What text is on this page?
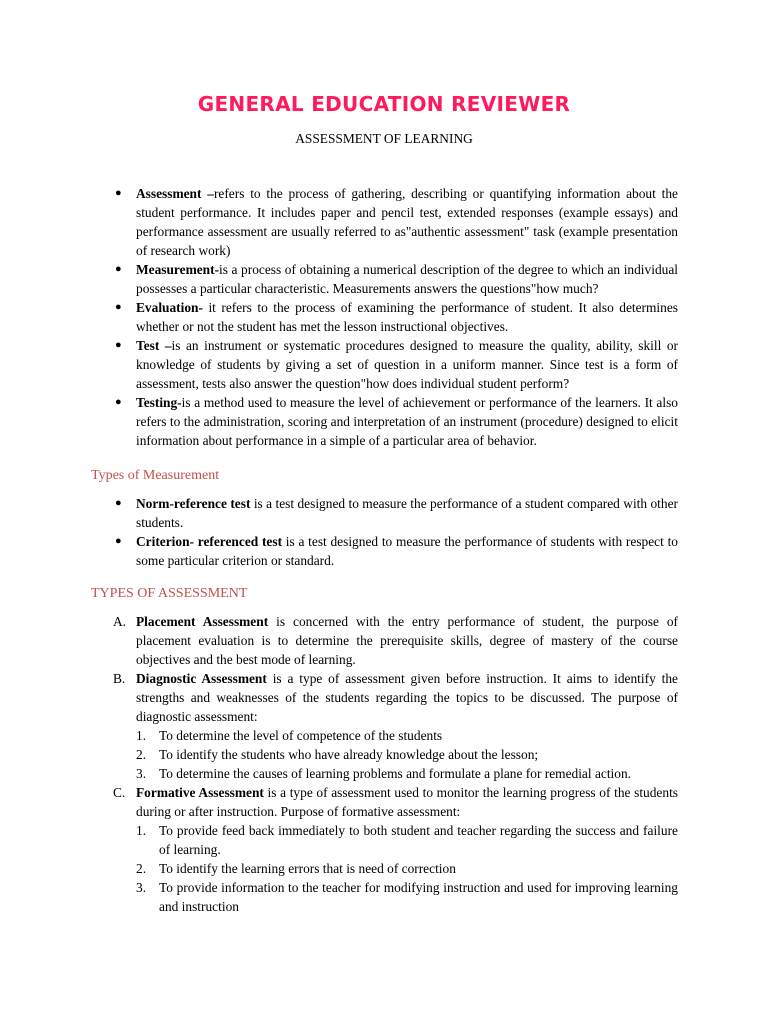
GENERAL EDUCATION REVIEWER
ASSESSMENT OF LEARNING
● Assessment –refers to the process of gathering, describing or quantifying information about the student performance. It includes paper and pencil test, extended responses (example essays) and performance assessment are usually referred to as"authentic assessment" task (example presentation of research work)
● Measurement-is a process of obtaining a numerical description of the degree to which an individual possesses a particular characteristic. Measurements answers the questions"how much?
● Evaluation- it refers to the process of examining the performance of student. It also determines whether or not the student has met the lesson instructional objectives.
● Test –is an instrument or systematic procedures designed to measure the quality, ability, skill or knowledge of students by giving a set of question in a uniform manner. Since test is a form of assessment, tests also answer the question"how does individual student perform?
● Testing-is a method used to measure the level of achievement or performance of the learners. It also refers to the administration, scoring and interpretation of an instrument (procedure) designed to elicit information about performance in a simple of a particular area of behavior.
Types of Measurement
● Norm-reference test is a test designed to measure the performance of a student compared with other students.
● Criterion- referenced test is a test designed to measure the performance of students with respect to some particular criterion or standard.
TYPES OF ASSESSMENT
A. Placement Assessment is concerned with the entry performance of student, the purpose of placement evaluation is to determine the prerequisite skills, degree of mastery of the course objectives and the best mode of learning.
B. Diagnostic Assessment is a type of assessment given before instruction. It aims to identify the strengths and weaknesses of the students regarding the topics to be discussed. The purpose of diagnostic assessment:
1. To determine the level of competence of the students
2. To identify the students who have already knowledge about the lesson;
3. To determine the causes of learning problems and formulate a plane for remedial action.
C. Formative Assessment is a type of assessment used to monitor the learning progress of the students during or after instruction. Purpose of formative assessment:
1. To provide feed back immediately to both student and teacher regarding the success and failure of learning.
2. To identify the learning errors that is need of correction
3. To provide information to the teacher for modifying instruction and used for improving learning and instruction
